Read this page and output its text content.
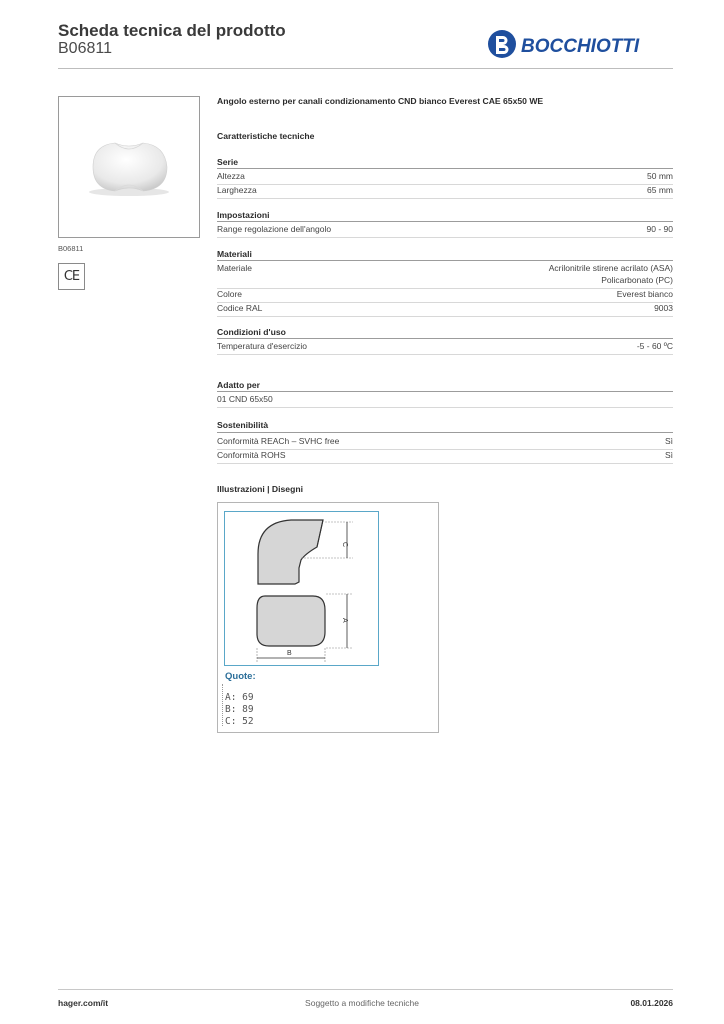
Scheda tecnica del prodotto
B06811	BOCCHIOTTI
B06811
CE
Angolo esterno per canali condizionamento CND bianco Everest CAE 65x50 WE
Caratteristiche tecniche
Serie
Altezza	50 mm
Larghezza	65 mm
Impostazioni
Range regolazione dell'angolo	90 - 90
Materiali
Materiale	Acrilonitrile stirene acrilato (ASA)
Policarbonato (PC)
Colore	Everest bianco
Codice RAL	9003
Condizioni d'uso
Temperatura d'esercizio	-5 - 60 ºC
Adatto per
01 CND 65x50
Sostenibilità
Conformità REACh – SVHC free	Sì
Conformità ROHS	Sì
Illustrazioni | Disegni
C
A
B
Quote:
A: 69
B: 89
C: 52
hager.com/it	Soggetto a modifiche tecniche	08.01.2026
